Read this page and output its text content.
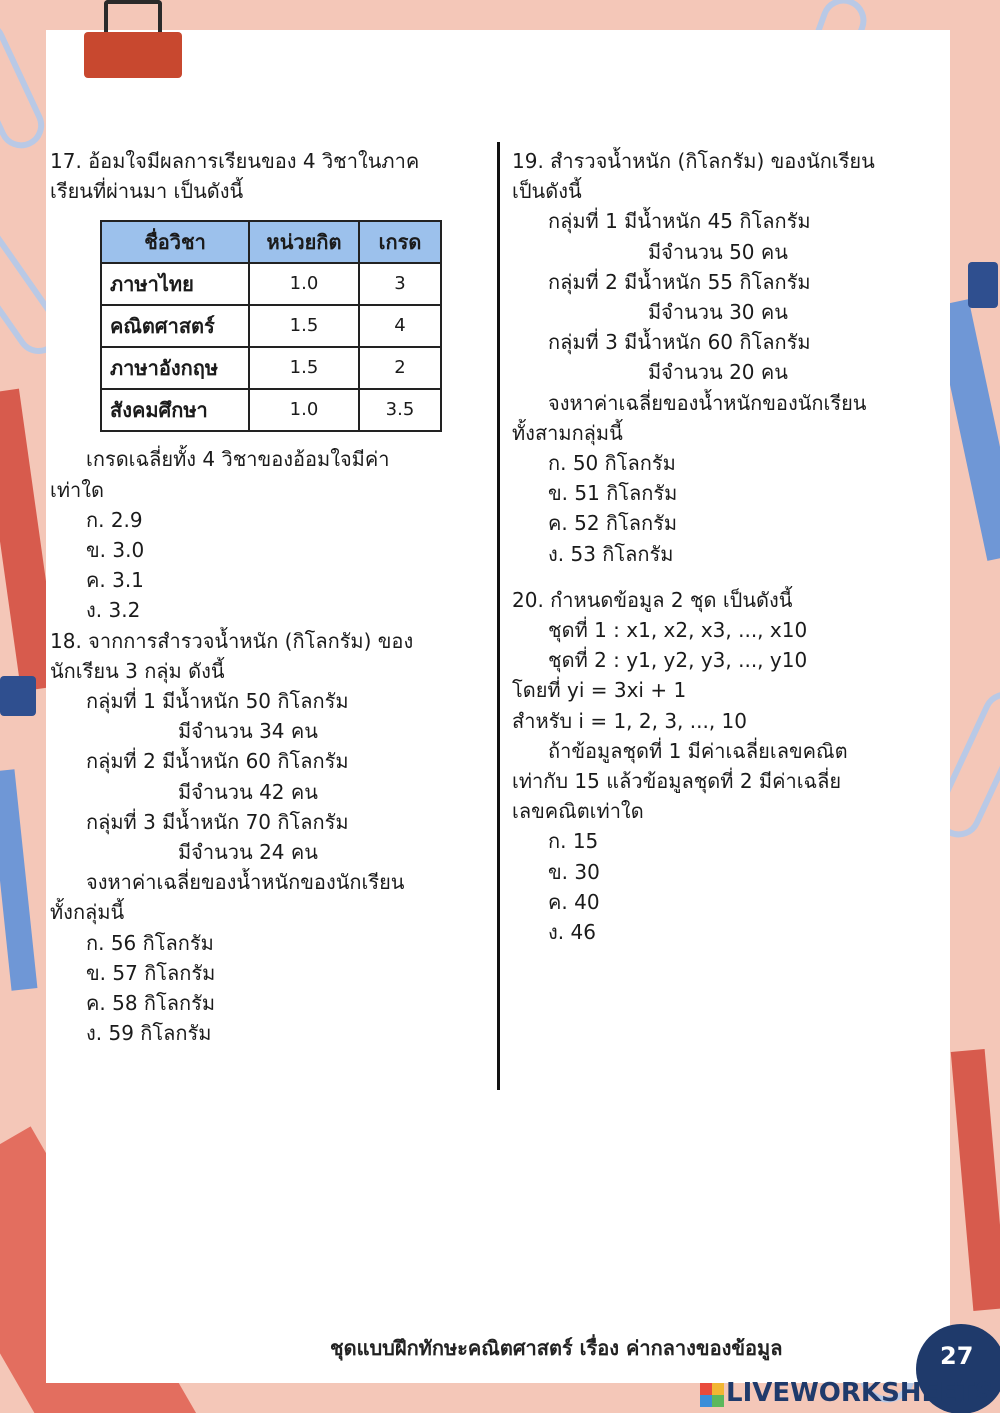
17. อ้อมใจมีผลการเรียนของ 4 วิชาในภาค
เรียนที่ผ่านมา เป็นดังนี้
ชื่อวิชา	หน่วยกิต	เกรด
ภาษาไทย	1.0	3
คณิตศาสตร์	1.5	4
ภาษาอังกฤษ	1.5	2
สังคมศึกษา	1.0	3.5
เกรดเฉลี่ยทั้ง 4 วิชาของอ้อมใจมีค่า
เท่าใด
ก. 2.9
ข. 3.0
ค. 3.1
ง. 3.2
18. จากการสำรวจน้ำหนัก (กิโลกรัม) ของ
นักเรียน 3 กลุ่ม ดังนี้
กลุ่มที่ 1 มีน้ำหนัก 50 กิโลกรัม
มีจำนวน 34 คน
กลุ่มที่ 2 มีน้ำหนัก 60 กิโลกรัม
มีจำนวน 42 คน
กลุ่มที่ 3 มีน้ำหนัก 70 กิโลกรัม
มีจำนวน 24 คน
จงหาค่าเฉลี่ยของน้ำหนักของนักเรียน
ทั้งกลุ่มนี้
ก. 56 กิโลกรัม
ข. 57 กิโลกรัม
ค. 58 กิโลกรัม
ง. 59 กิโลกรัม
19. สำรวจน้ำหนัก (กิโลกรัม) ของนักเรียน
เป็นดังนี้
กลุ่มที่ 1 มีน้ำหนัก 45 กิโลกรัม
มีจำนวน 50 คน
กลุ่มที่ 2 มีน้ำหนัก 55 กิโลกรัม
มีจำนวน 30 คน
กลุ่มที่ 3 มีน้ำหนัก 60 กิโลกรัม
มีจำนวน 20 คน
จงหาค่าเฉลี่ยของน้ำหนักของนักเรียน
ทั้งสามกลุ่มนี้
ก. 50 กิโลกรัม
ข. 51 กิโลกรัม
ค. 52 กิโลกรัม
ง. 53 กิโลกรัม
20. กำหนดข้อมูล 2 ชุด เป็นดังนี้
ชุดที่ 1 : x1, x2, x3, ..., x10
ชุดที่ 2 : y1, y2, y3, ..., y10
โดยที่ yi = 3xi + 1
สำหรับ i = 1, 2, 3, ..., 10
ถ้าข้อมูลชุดที่ 1 มีค่าเฉลี่ยเลขคณิต
เท่ากับ 15 แล้วข้อมูลชุดที่ 2 มีค่าเฉลี่ย
เลขคณิตเท่าใด
ก. 15
ข. 30
ค. 40
ง. 46
ชุดแบบฝึกทักษะคณิตศาสตร์ เรื่อง ค่ากลางของข้อมูล	27
LIVEWORKSHEETS
